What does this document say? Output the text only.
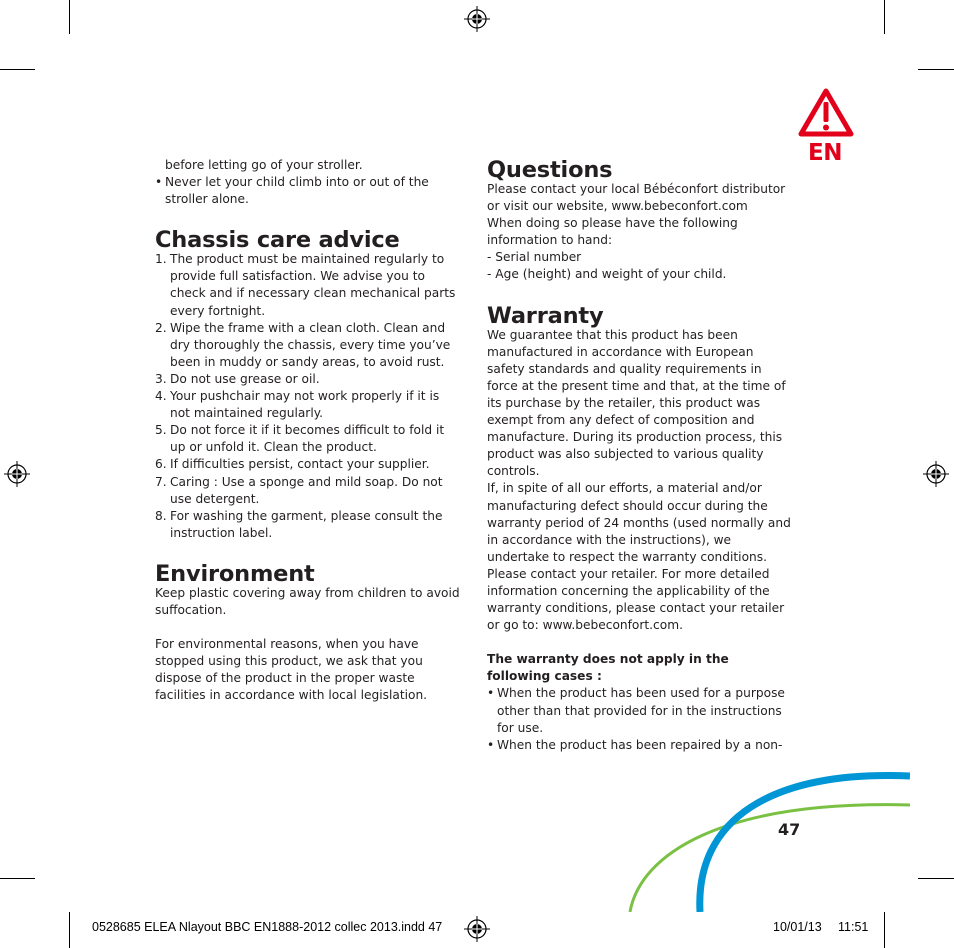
EN
before letting go of your stroller.
• Never let your child climb into or out of the stroller alone.
Chassis care advice
1. The product must be maintained regularly to provide full satisfaction. We advise you to check and if necessary clean mechanical parts every fortnight.
2. Wipe the frame with a clean cloth. Clean and dry thoroughly the chassis, every time you’ve been in muddy or sandy areas, to avoid rust.
3. Do not use grease or oil.
4. Your pushchair may not work properly if it is not maintained regularly.
5. Do not force it if it becomes difficult to fold it up or unfold it. Clean the product.
6. If difficulties persist, contact your supplier.
7. Caring : Use a sponge and mild soap. Do not use detergent.
8. For washing the garment, please consult the instruction label.
Environment

Keep plastic covering away from children to avoid suffocation.

For environmental reasons, when you have stopped using this product, we ask that you dispose of the product in the proper waste facilities in accordance with local legislation.

Questions

Please contact your local Bébéconfort distributor or visit our website, www.bebeconfort.com

When doing so please have the following information to hand:

- Serial number
- Age (height) and weight of your child.
Warranty

We guarantee that this product has been manufactured in accordance with European safety standards and quality requirements in force at the present time and that, at the time of its purchase by the retailer, this product was exempt from any defect of composition and manufacture. During its production process, this product was also subjected to various quality controls.

If, in spite of all our efforts, a material and/or manufacturing defect should occur during the warranty period of 24 months (used normally and in accordance with the instructions), we undertake to respect the warranty conditions. Please contact your retailer. For more detailed information concerning the applicability of the warranty conditions, please contact your retailer or go to: www.bebeconfort.com.

The warranty does not apply in the following cases :

• When the product has been used for a purpose other than that provided for in the instructions for use.
• When the product has been repaired by a non-
47
0528685 ELEA Nlayout BBC EN1888-2012 collec 2013.indd 47	10/01/13 11:51
